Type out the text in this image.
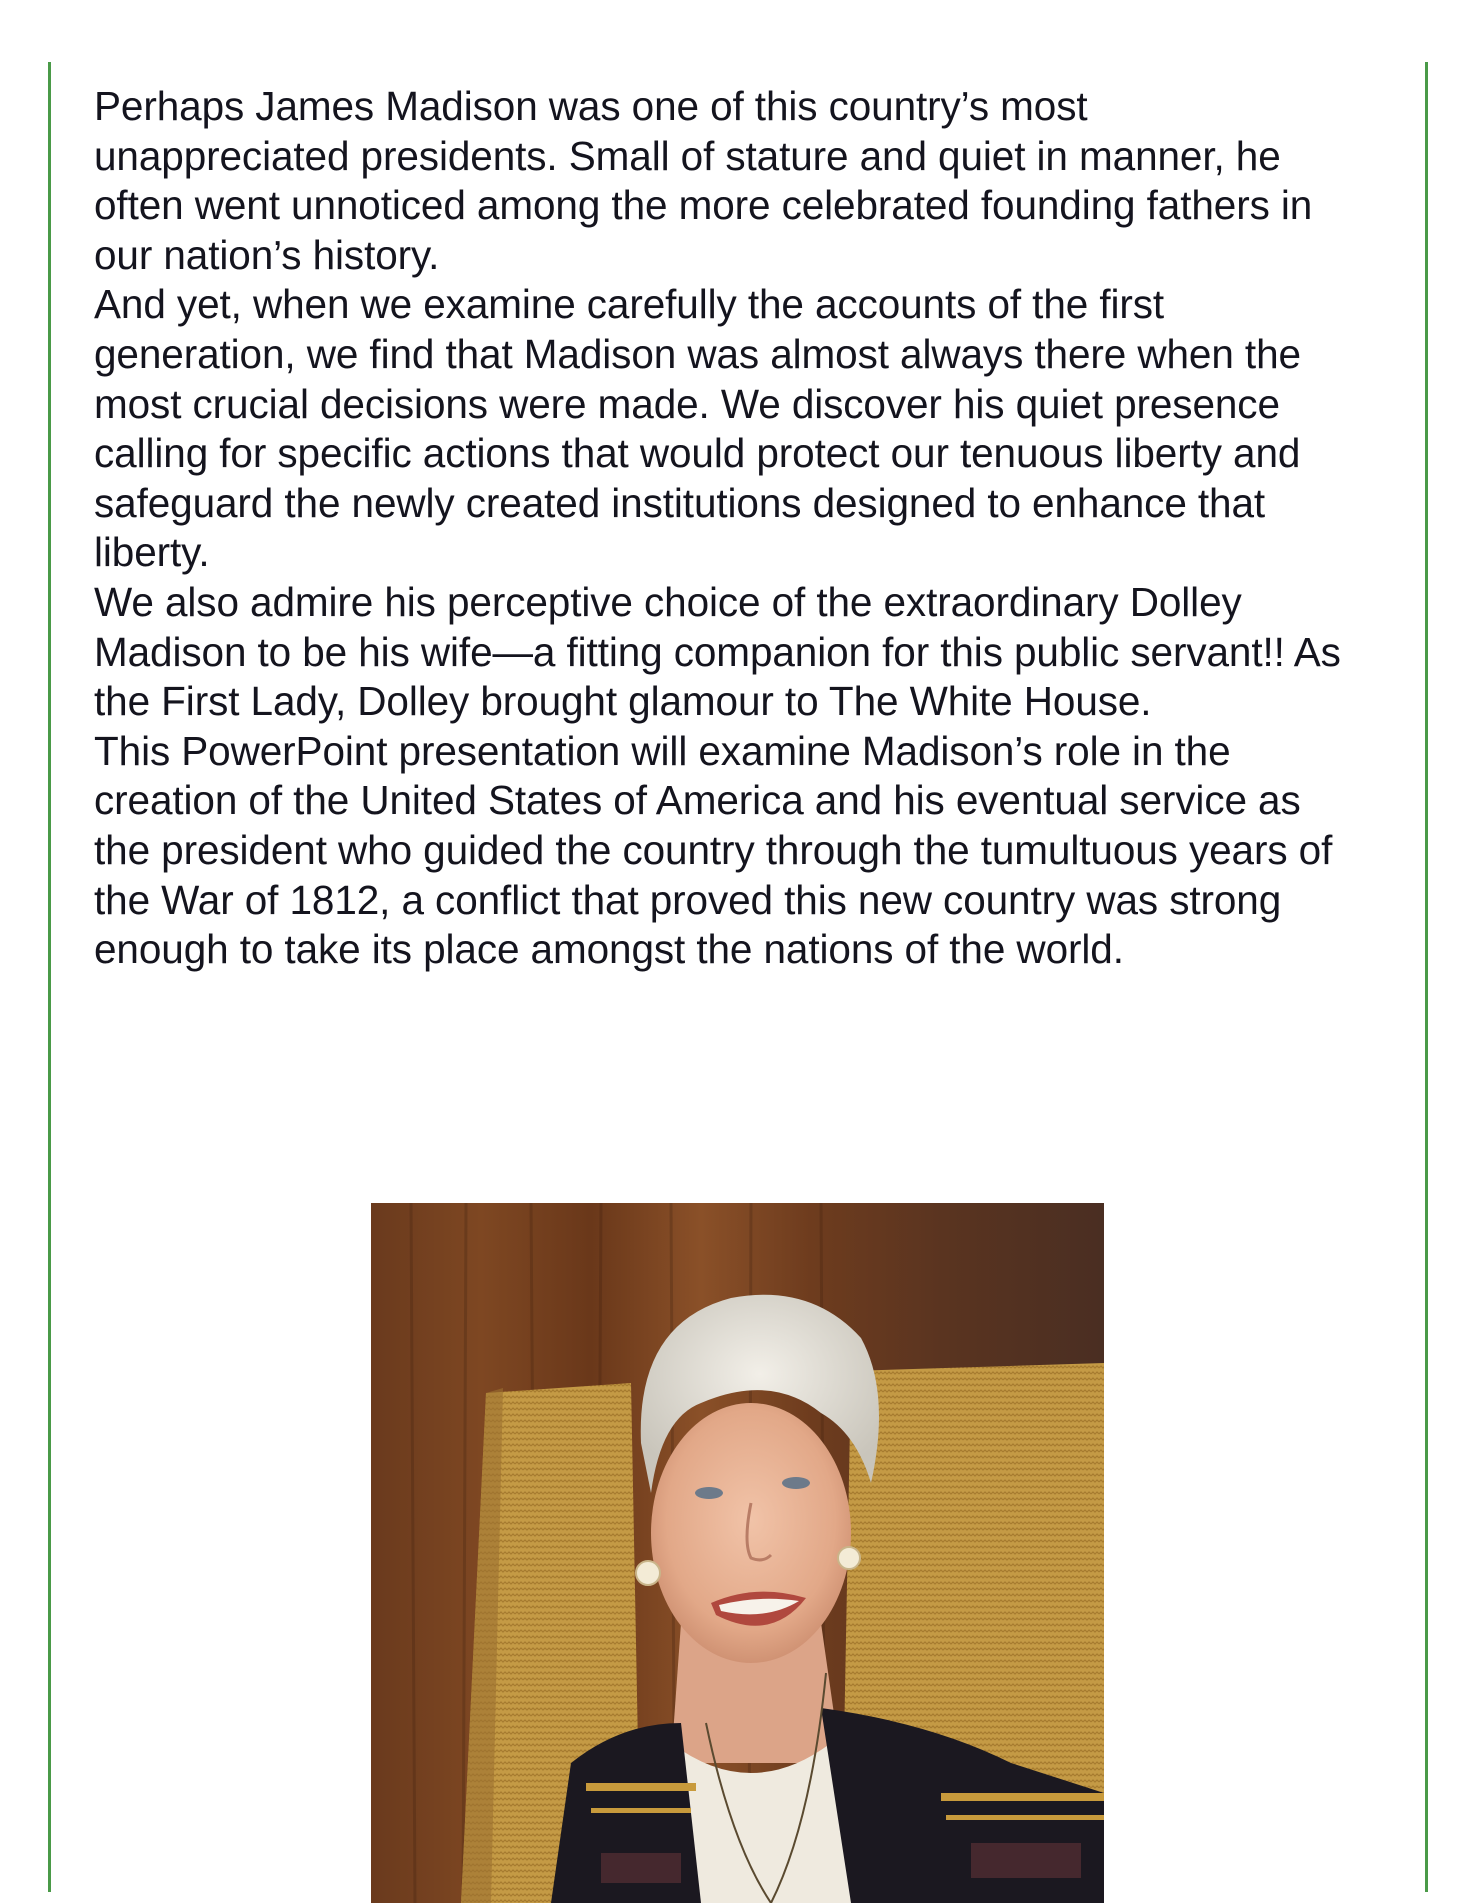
Perhaps James Madison was one of this country’s most
unappreciated presidents. Small of stature and quiet in manner, he
often went unnoticed among the more celebrated founding fathers in
our nation’s history.

And yet, when we examine carefully the accounts of the first
generation, we find that Madison was almost always there when the
most crucial decisions were made. We discover his quiet presence
calling for specific actions that would protect our tenuous liberty and
safeguard the newly created institutions designed to enhance that
liberty.

We also admire his perceptive choice of the extraordinary Dolley
Madison to be his wife—a fitting companion for this public servant!! As
the First Lady, Dolley brought glamour to The White House.

This PowerPoint presentation will examine Madison’s role in the
creation of the United States of America and his eventual service as
the president who guided the country through the tumultuous years of
the War of 1812, a conflict that proved this new country was strong
enough to take its place amongst the nations of the world.
